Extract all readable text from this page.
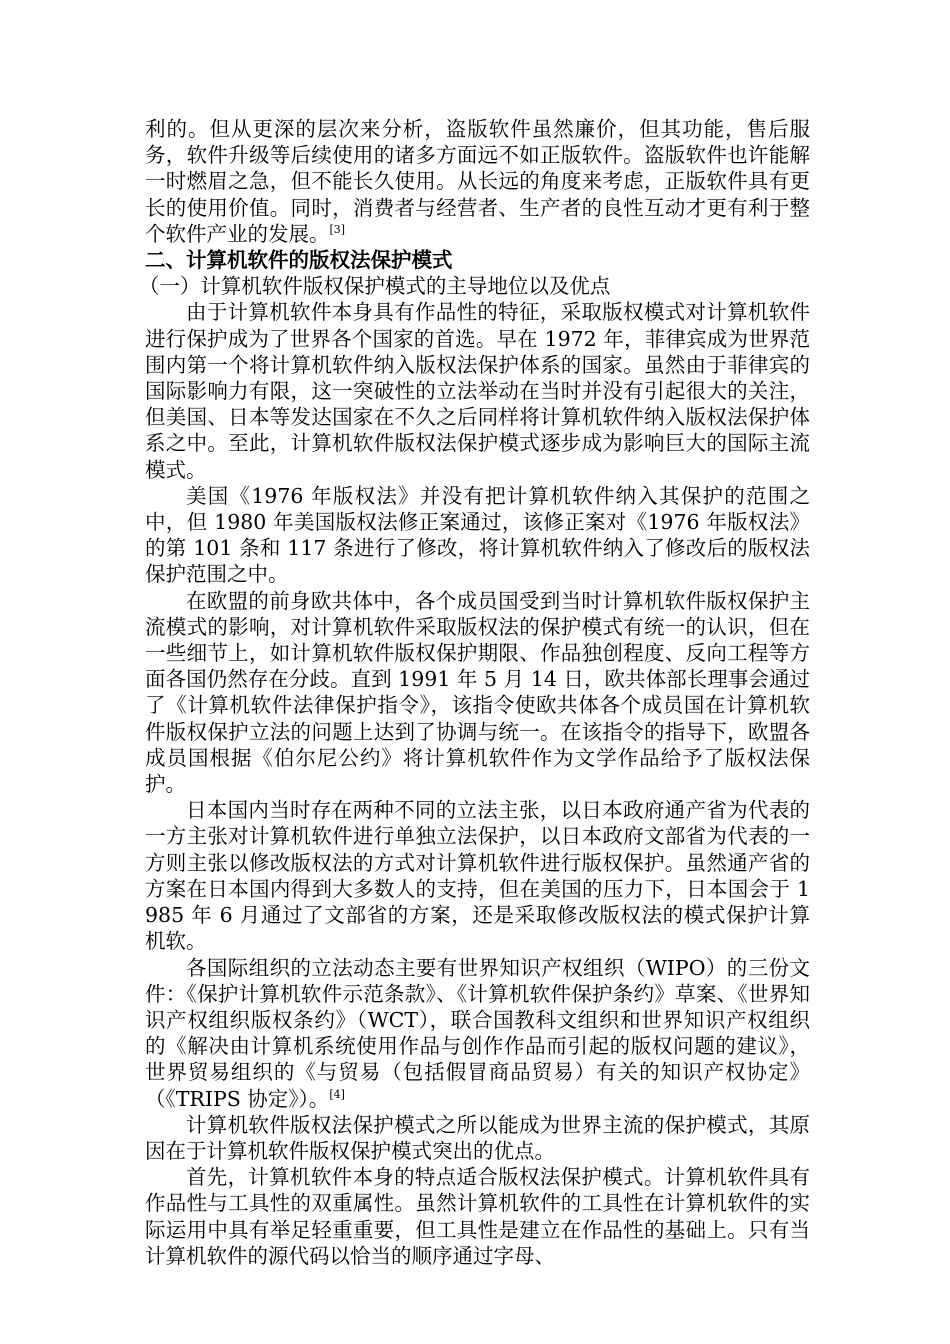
利的。但从更深的层次来分析，盗版软件虽然廉价，但其功能，售后服务，软件升级等后续使用的诸多方面远不如正版软件。盗版软件也许能解一时燃眉之急，但不能长久使用。从长远的角度来考虑，正版软件具有更长的使用价值。同时，消费者与经营者、生产者的良性互动才更有利于整个软件产业的发展。[3]

二、计算机软件的版权法保护模式

（一）计算机软件版权保护模式的主导地位以及优点

由于计算机软件本身具有作品性的特征，采取版权模式对计算机软件进行保护成为了世界各个国家的首选。早在 1972 年，菲律宾成为世界范围内第一个将计算机软件纳入版权法保护体系的国家。虽然由于菲律宾的国际影响力有限，这一突破性的立法举动在当时并没有引起很大的关注，但美国、日本等发达国家在不久之后同样将计算机软件纳入版权法保护体系之中。至此，计算机软件版权法保护模式逐步成为影响巨大的国际主流模式。

美国《1976 年版权法》并没有把计算机软件纳入其保护的范围之中，但 1980 年美国版权法修正案通过，该修正案对《1976 年版权法》的第 101 条和 117 条进行了修改，将计算机软件纳入了修改后的版权法保护范围之中。

在欧盟的前身欧共体中，各个成员国受到当时计算机软件版权保护主流模式的影响，对计算机软件采取版权法的保护模式有统一的认识，但在一些细节上，如计算机软件版权保护期限、作品独创程度、反向工程等方面各国仍然存在分歧。直到 1991 年 5 月 14 日，欧共体部长理事会通过了《计算机软件法律保护指令》，该指令使欧共体各个成员国在计算机软件版权保护立法的问题上达到了协调与统一。在该指令的指导下，欧盟各成员国根据《伯尔尼公约》将计算机软件作为文学作品给予了版权法保护。

日本国内当时存在两种不同的立法主张，以日本政府通产省为代表的一方主张对计算机软件进行单独立法保护，以日本政府文部省为代表的一方则主张以修改版权法的方式对计算机软件进行版权保护。虽然通产省的方案在日本国内得到大多数人的支持，但在美国的压力下，日本国会于 1985 年 6 月通过了文部省的方案，还是采取修改版权法的模式保护计算机软。

各国际组织的立法动态主要有世界知识产权组织（WIPO）的三份文件：《保护计算机软件示范条款》、《计算机软件保护条约》草案、《世界知识产权组织版权条约》（WCT），联合国教科文组织和世界知识产权组织的《解决由计算机系统使用作品与创作作品而引起的版权问题的建议》，世界贸易组织的《与贸易（包括假冒商品贸易）有关的知识产权协定》（《TRIPS 协定》）。[4]

计算机软件版权法保护模式之所以能成为世界主流的保护模式，其原因在于计算机软件版权保护模式突出的优点。

首先，计算机软件本身的特点适合版权法保护模式。计算机软件具有作品性与工具性的双重属性。虽然计算机软件的工具性在计算机软件的实际运用中具有举足轻重重要，但工具性是建立在作品性的基础上。只有当计算机软件的源代码以恰当的顺序通过字母、
